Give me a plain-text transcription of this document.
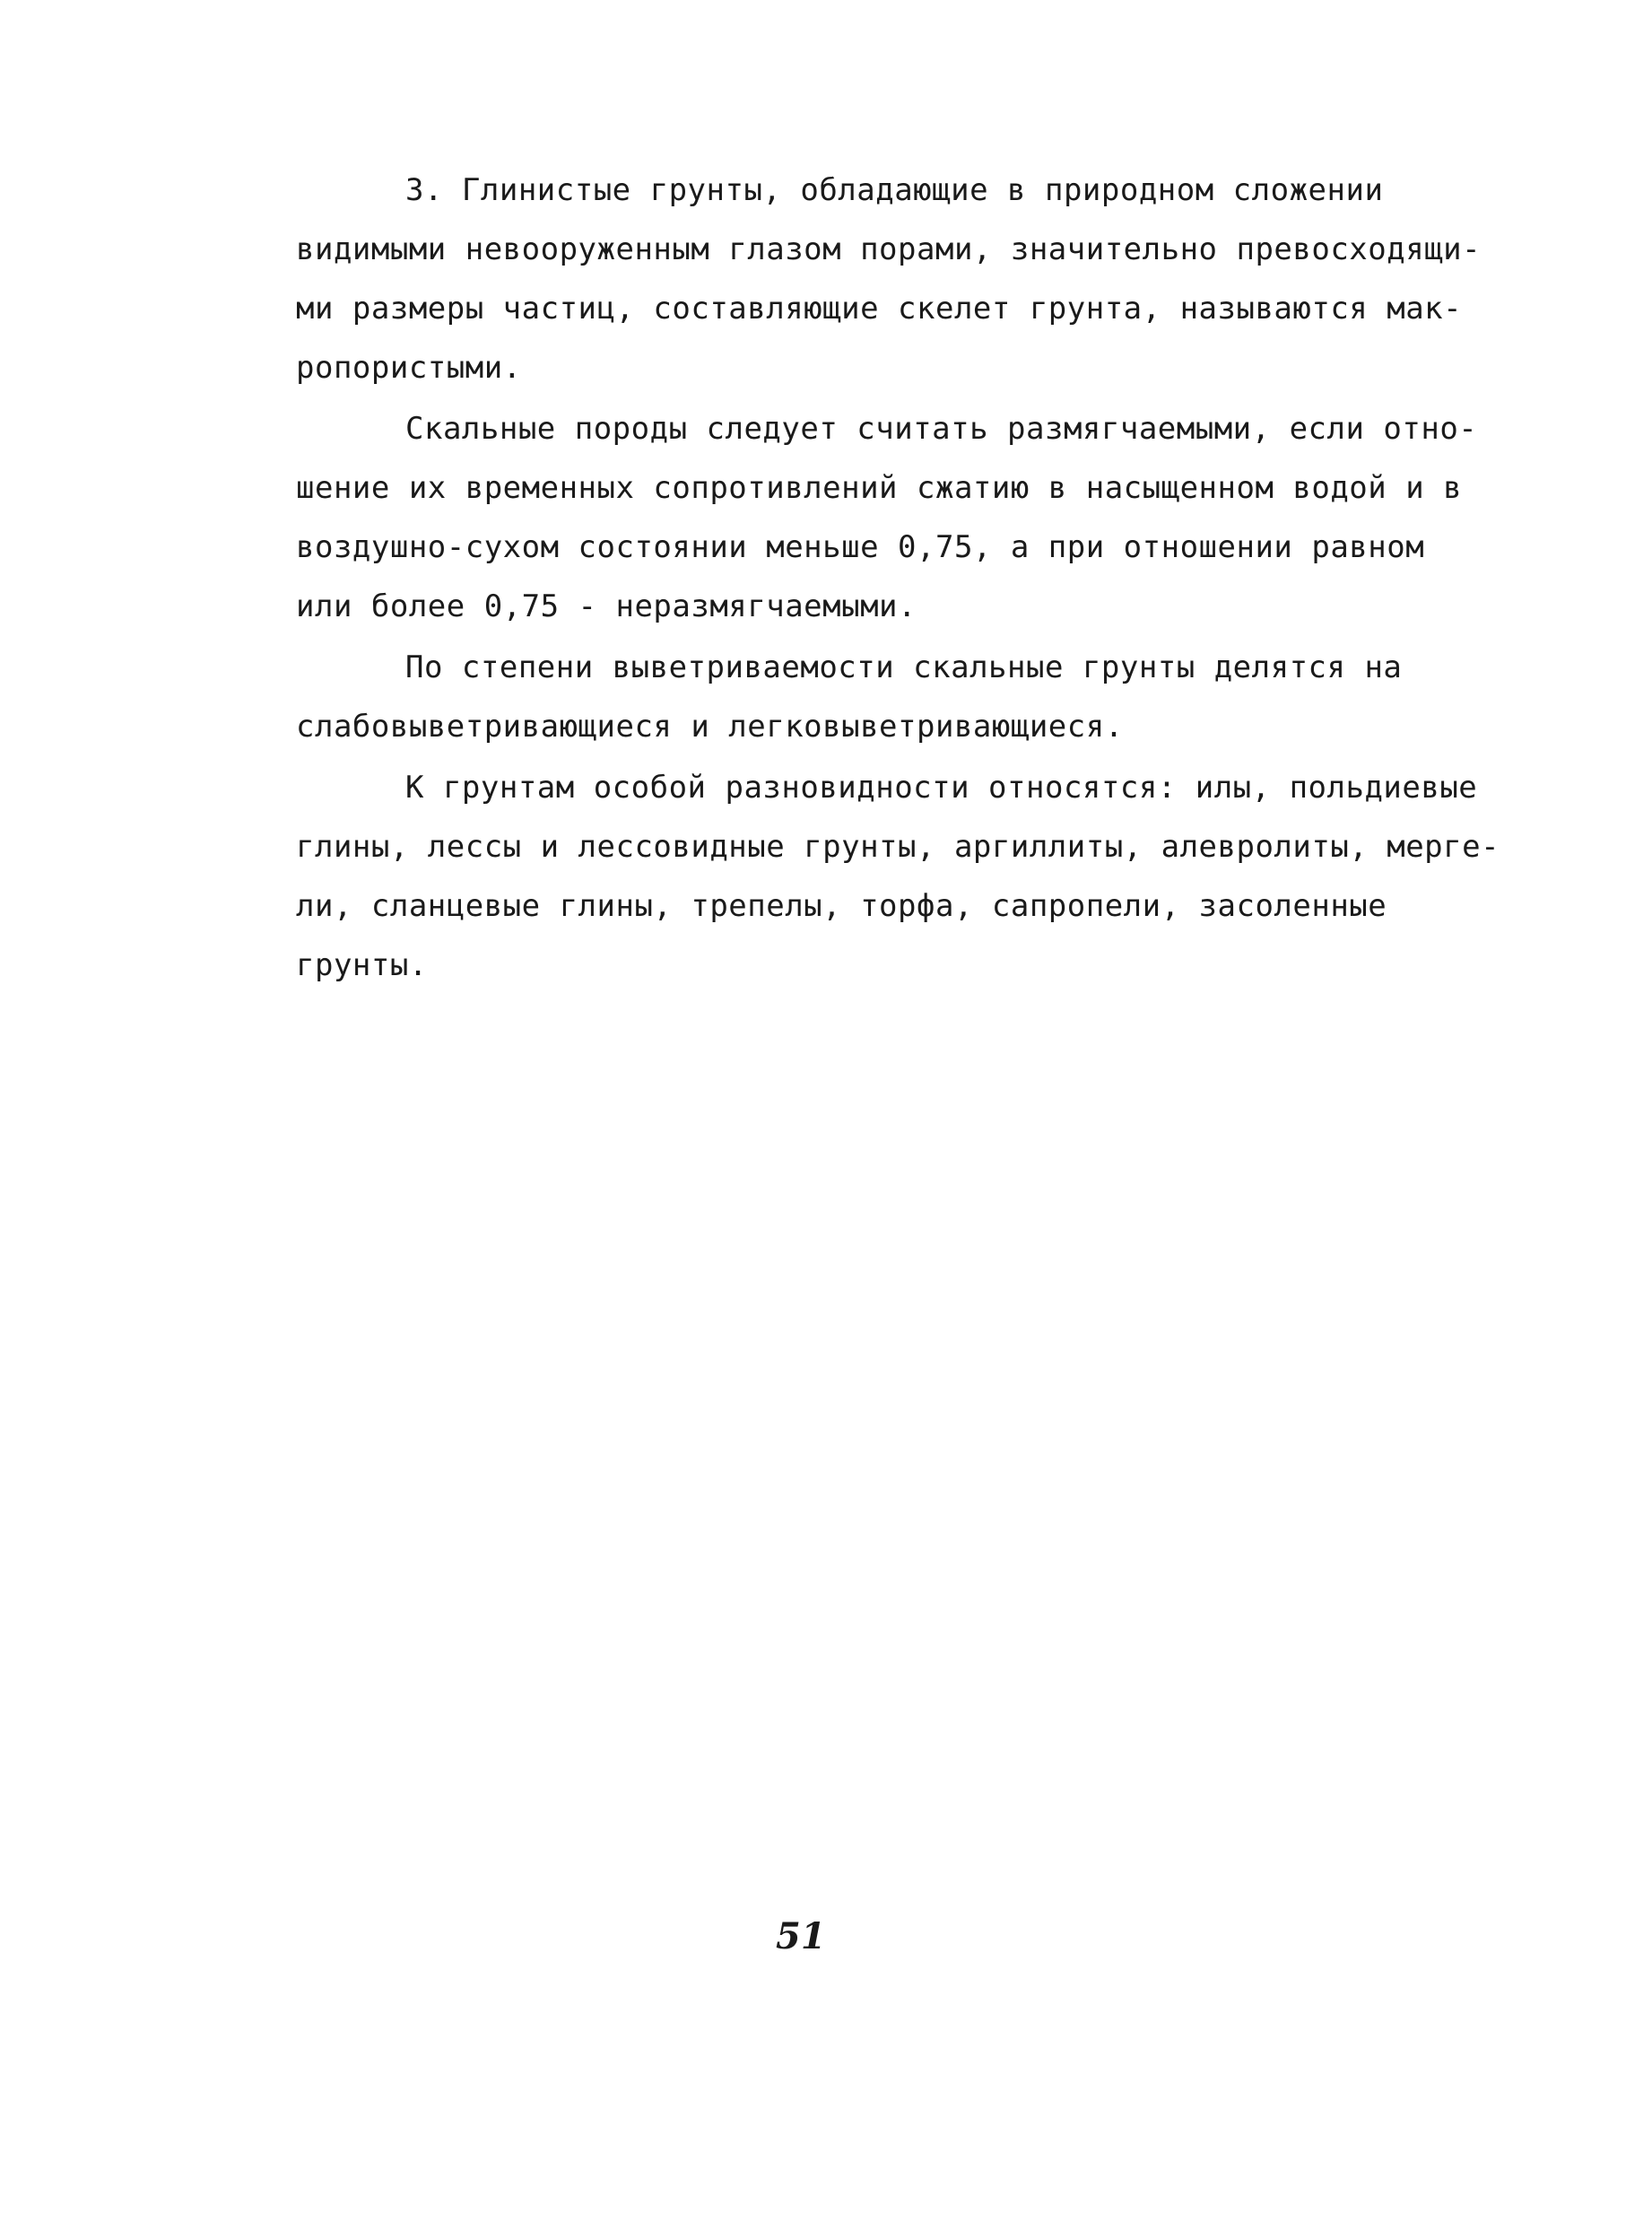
3. Глинистые грунты, обладающие в природном сложении
видимыми невооруженным глазом порами, значительно превосходящи-
ми размеры частиц, составляющие скелет грунта, называются мак-
ропористыми.
Скальные породы следует считать размягчаемыми, если отно-
шение их временных сопротивлений сжатию в насыщенном водой и в
воздушно-сухом состоянии меньше 0,75, а при отношении равном
или более 0,75 - неразмягчаемыми.
По степени выветриваемости скальные грунты делятся на
слабовыветривающиеся и легковыветривающиеся.
К грунтам особой разновидности относятся: илы, польдиевые
глины, лессы и лессовидные грунты, аргиллиты, алевролиты, мерге-
ли, сланцевые глины, трепелы, торфа, сапропели, засоленные
грунты.
51
